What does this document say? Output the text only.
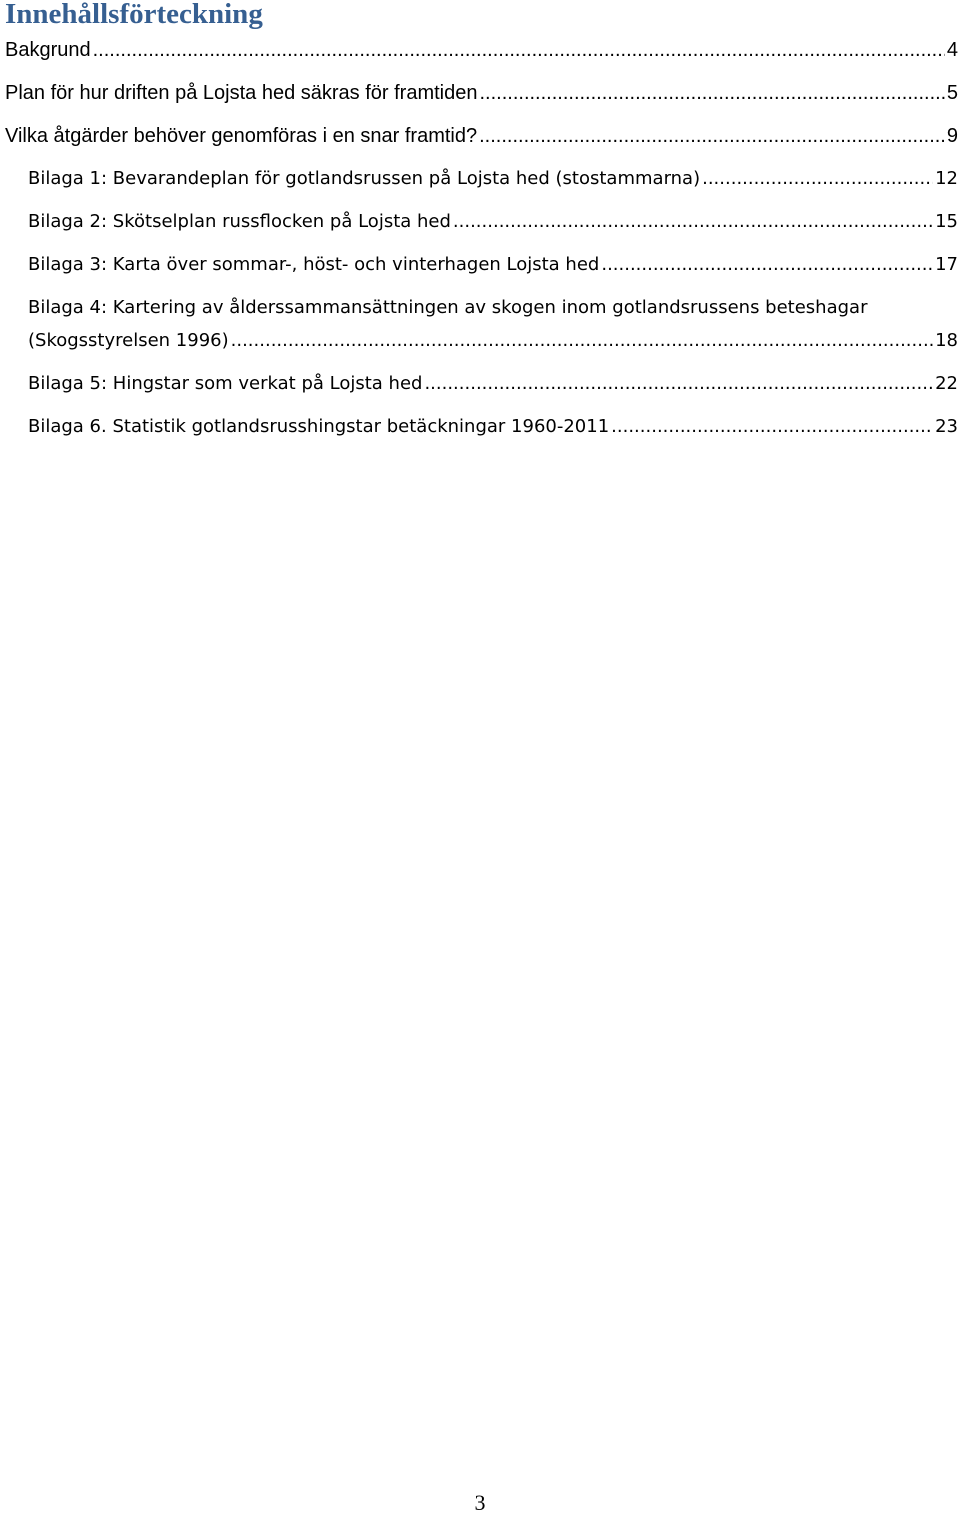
Innehållsförteckning
Bakgrund .....	4
Plan för hur driften på Lojsta hed säkras för framtiden .....	5
Vilka åtgärder behöver genomföras i en snar framtid? .....	9
Bilaga 1: Bevarandeplan för gotlandsrussen på Lojsta hed (stostammarna) .....	12
Bilaga 2: Skötselplan russflocken på Lojsta hed .....	15
Bilaga 3: Karta över sommar-, höst- och vinterhagen Lojsta hed .....	17
Bilaga 4: Kartering av ålderssammansättningen av skogen inom gotlandsrussens beteshagar
(Skogsstyrelsen 1996) .....	18
Bilaga 5: Hingstar som verkat på Lojsta hed .....	22
Bilaga 6. Statistik gotlandsrusshingstar betäckningar 1960-2011 .....	23
3
